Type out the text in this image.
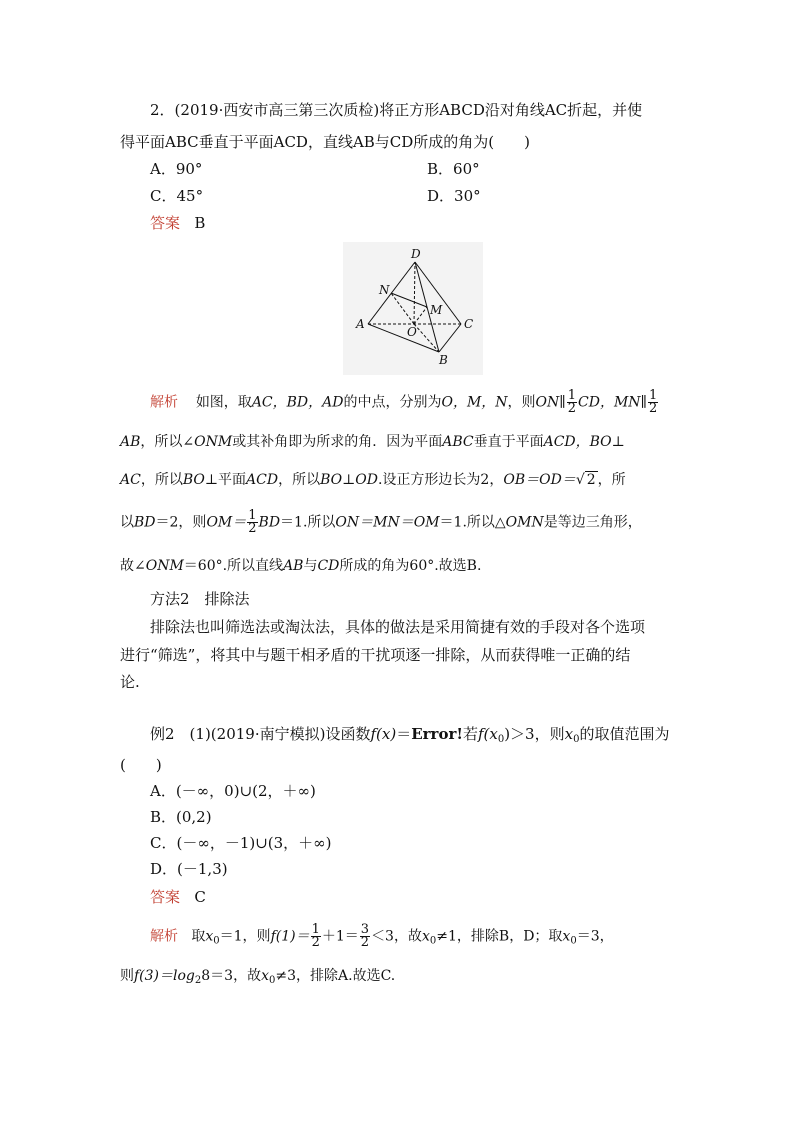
2．(2019·西安市高三第三次质检)将正方形ABCD沿对角线AC折起，并使
得平面ABC垂直于平面ACD，直线AB与CD所成的角为(　　)
A．90°	B．60°
C．45°	D．30°
答案 B
D
N
M
A
O
C
B
解析 如图，取AC，BD，AD的中点，分别为O，M，N，则ON∥ $\frac{1}{2}$ CD，MN∥ $\frac{1}{2}$
AB，所以∠ONM或其补角即为所求的角．因为平面ABC垂直于平面ACD，BO⊥
AC，所以BO⊥平面ACD，所以BO⊥OD.设正方形边长为2，OB＝OD＝√ 2 ，所
以BD＝2，则$OM= \frac{1}{2} BD=1$.所以ON＝MN＝OM＝1.所以△OMN是等边三角形，
故∠ONM＝60°.所以直线AB与CD所成的角为60°.故选B.
方法2　排除法
排除法也叫筛选法或淘汰法，具体的做法是采用简捷有效的手段对各个选项
进行“筛选”，将其中与题干相矛盾的干扰项逐一排除，从而获得唯一正确的结
论.
例2　(1)(2019·南宁模拟)设函数f(x)＝Error!若$f(x_0)>3$，则$x_0$的取值范围为
(　　)
A．(－∞，0)∪(2，＋∞)
B．(0,2)
C．(－∞，－1)∪(3，＋∞)
D．(－1,3)
答案 C
解析 取$x_0=1$，则$f(1)= \frac{1}{2} +1= \frac{3}{2} <3$，故$x_0\ne 1$，排除B，D；取$x_0=3$，
则$f(3)=\log_28=3$，故$x_0\ne 3$，排除A.故选C.
